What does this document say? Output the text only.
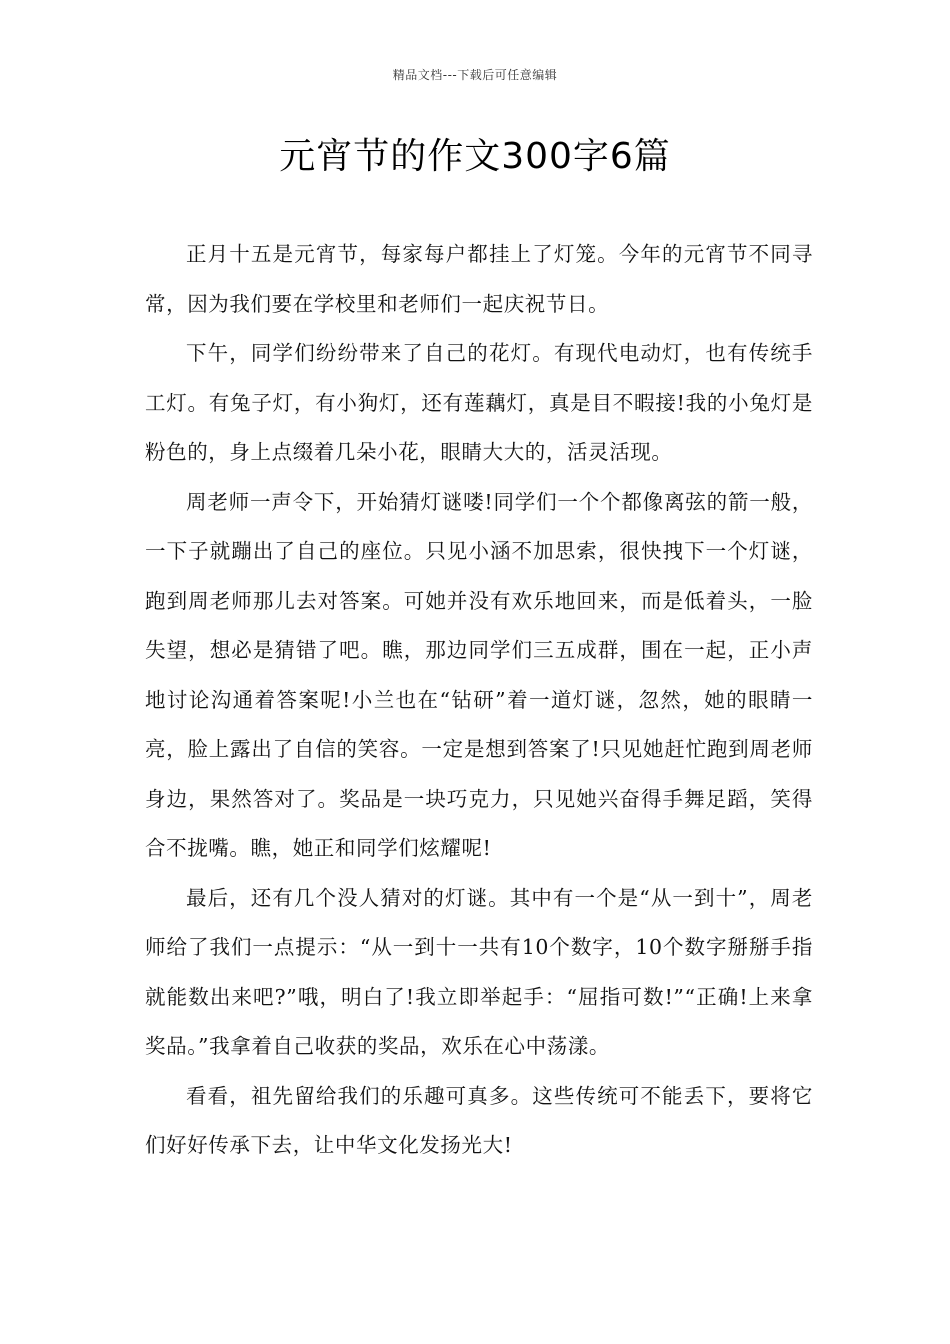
精品文档---下载后可任意编辑
元宵节的作文300字6篇

正月十五是元宵节，每家每户都挂上了灯笼。今年的元宵节不同寻常，因为我们要在学校里和老师们一起庆祝节日。

下午，同学们纷纷带来了自己的花灯。有现代电动灯，也有传统手工灯。有兔子灯，有小狗灯，还有莲藕灯，真是目不暇接!我的小兔灯是粉色的，身上点缀着几朵小花，眼睛大大的，活灵活现。

周老师一声令下，开始猜灯谜喽!同学们一个个都像离弦的箭一般，一下子就蹦出了自己的座位。只见小涵不加思索，很快拽下一个灯谜，跑到周老师那儿去对答案。可她并没有欢乐地回来，而是低着头，一脸失望，想必是猜错了吧。瞧，那边同学们三五成群，围在一起，正小声地讨论沟通着答案呢!小兰也在“钻研”着一道灯谜，忽然，她的眼睛一亮，脸上露出了自信的笑容。一定是想到答案了!只见她赶忙跑到周老师身边，果然答对了。奖品是一块巧克力，只见她兴奋得手舞足蹈，笑得合不拢嘴。瞧，她正和同学们炫耀呢!

最后，还有几个没人猜对的灯谜。其中有一个是“从一到十”，周老师给了我们一点提示：“从一到十一共有10个数字，10个数字掰掰手指就能数出来吧?”哦，明白了!我立即举起手：“屈指可数!”“正确!上来拿奖品。”我拿着自己收获的奖品，欢乐在心中荡漾。

看看，祖先留给我们的乐趣可真多。这些传统可不能丢下，要将它们好好传承下去，让中华文化发扬光大!
